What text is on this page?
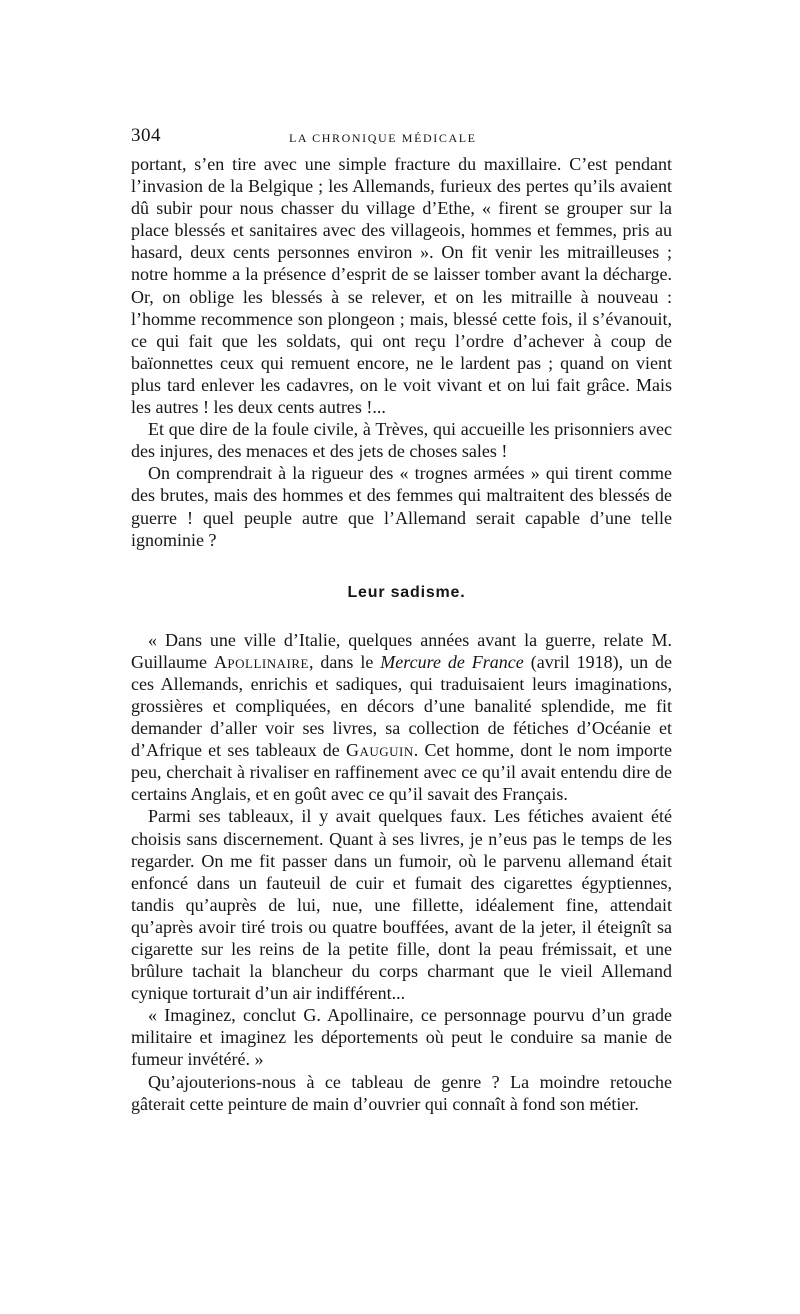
304	LA CHRONIQUE MÉDICALE

portant, s’en tire avec une simple fracture du maxillaire. C’est pendant l’invasion de la Belgique ; les Allemands, furieux des pertes qu’ils avaient dû subir pour nous chasser du village d’Ethe, « firent se grouper sur la place blessés et sanitaires avec des villageois, hommes et femmes, pris au hasard, deux cents personnes environ ». On fit venir les mitrailleuses ; notre homme a la présence d’esprit de se laisser tomber avant la décharge. Or, on oblige les blessés à se relever, et on les mitraille à nouveau : l’homme recommence son plongeon ; mais, blessé cette fois, il s’évanouit, ce qui fait que les soldats, qui ont reçu l’ordre d’achever à coup de baïonnettes ceux qui remuent encore, ne le lardent pas ; quand on vient plus tard enlever les cadavres, on le voit vivant et on lui fait grâce. Mais les autres ! les deux cents autres !...

Et que dire de la foule civile, à Trèves, qui accueille les prisonniers avec des injures, des menaces et des jets de choses sales !

On comprendrait à la rigueur des « trognes armées » qui tirent comme des brutes, mais des hommes et des femmes qui maltraitent des blessés de guerre ! quel peuple autre que l’Allemand serait capable d’une telle ignominie ?

Leur sadisme.

« Dans une ville d’Italie, quelques années avant la guerre, relate M. Guillaume Apollinaire, dans le Mercure de France (avril 1918), un de ces Allemands, enrichis et sadiques, qui traduisaient leurs imaginations, grossières et compliquées, en décors d’une banalité splendide, me fit demander d’aller voir ses livres, sa collection de fétiches d’Océanie et d’Afrique et ses tableaux de Gauguin. Cet homme, dont le nom importe peu, cherchait à rivaliser en raffinement avec ce qu’il avait entendu dire de certains Anglais, et en goût avec ce qu’il savait des Français.

Parmi ses tableaux, il y avait quelques faux. Les fétiches avaient été choisis sans discernement. Quant à ses livres, je n’eus pas le temps de les regarder. On me fit passer dans un fumoir, où le parvenu allemand était enfoncé dans un fauteuil de cuir et fumait des cigarettes égyptiennes, tandis qu’auprès de lui, nue, une fillette, idéalement fine, attendait qu’après avoir tiré trois ou quatre bouffées, avant de la jeter, il éteignît sa cigarette sur les reins de la petite fille, dont la peau frémissait, et une brûlure tachait la blancheur du corps charmant que le vieil Allemand cynique torturait d’un air indifférent...

« Imaginez, conclut G. Apollinaire, ce personnage pourvu d’un grade militaire et imaginez les déportements où peut le conduire sa manie de fumeur invétéré. »

Qu’ajouterions-nous à ce tableau de genre ? La moindre retouche gâterait cette peinture de main d’ouvrier qui connaît à fond son métier.
